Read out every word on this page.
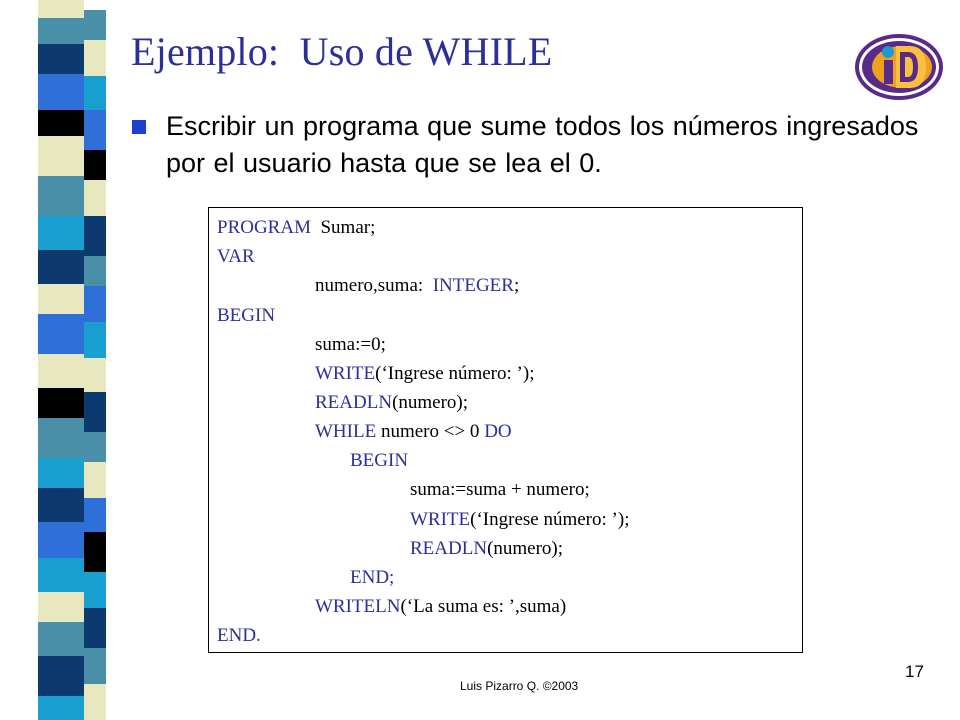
Ejemplo:  Uso de WHILE
Escribir un programa que sume todos los números ingresados por el usuario hasta que se lea el 0.
PROGRAM  Sumar;
VAR
numero,suma:  INTEGER;
BEGIN
suma:=0;
WRITE(‘Ingrese número: ’);
READLN(numero);
WHILE numero <> 0 DO
BEGIN
suma:=suma + numero;
WRITE(‘Ingrese número: ’);
READLN(numero);
END;
WRITELN(‘La suma es: ’,suma)
END.
Luis Pizarro Q. ©2003
17
